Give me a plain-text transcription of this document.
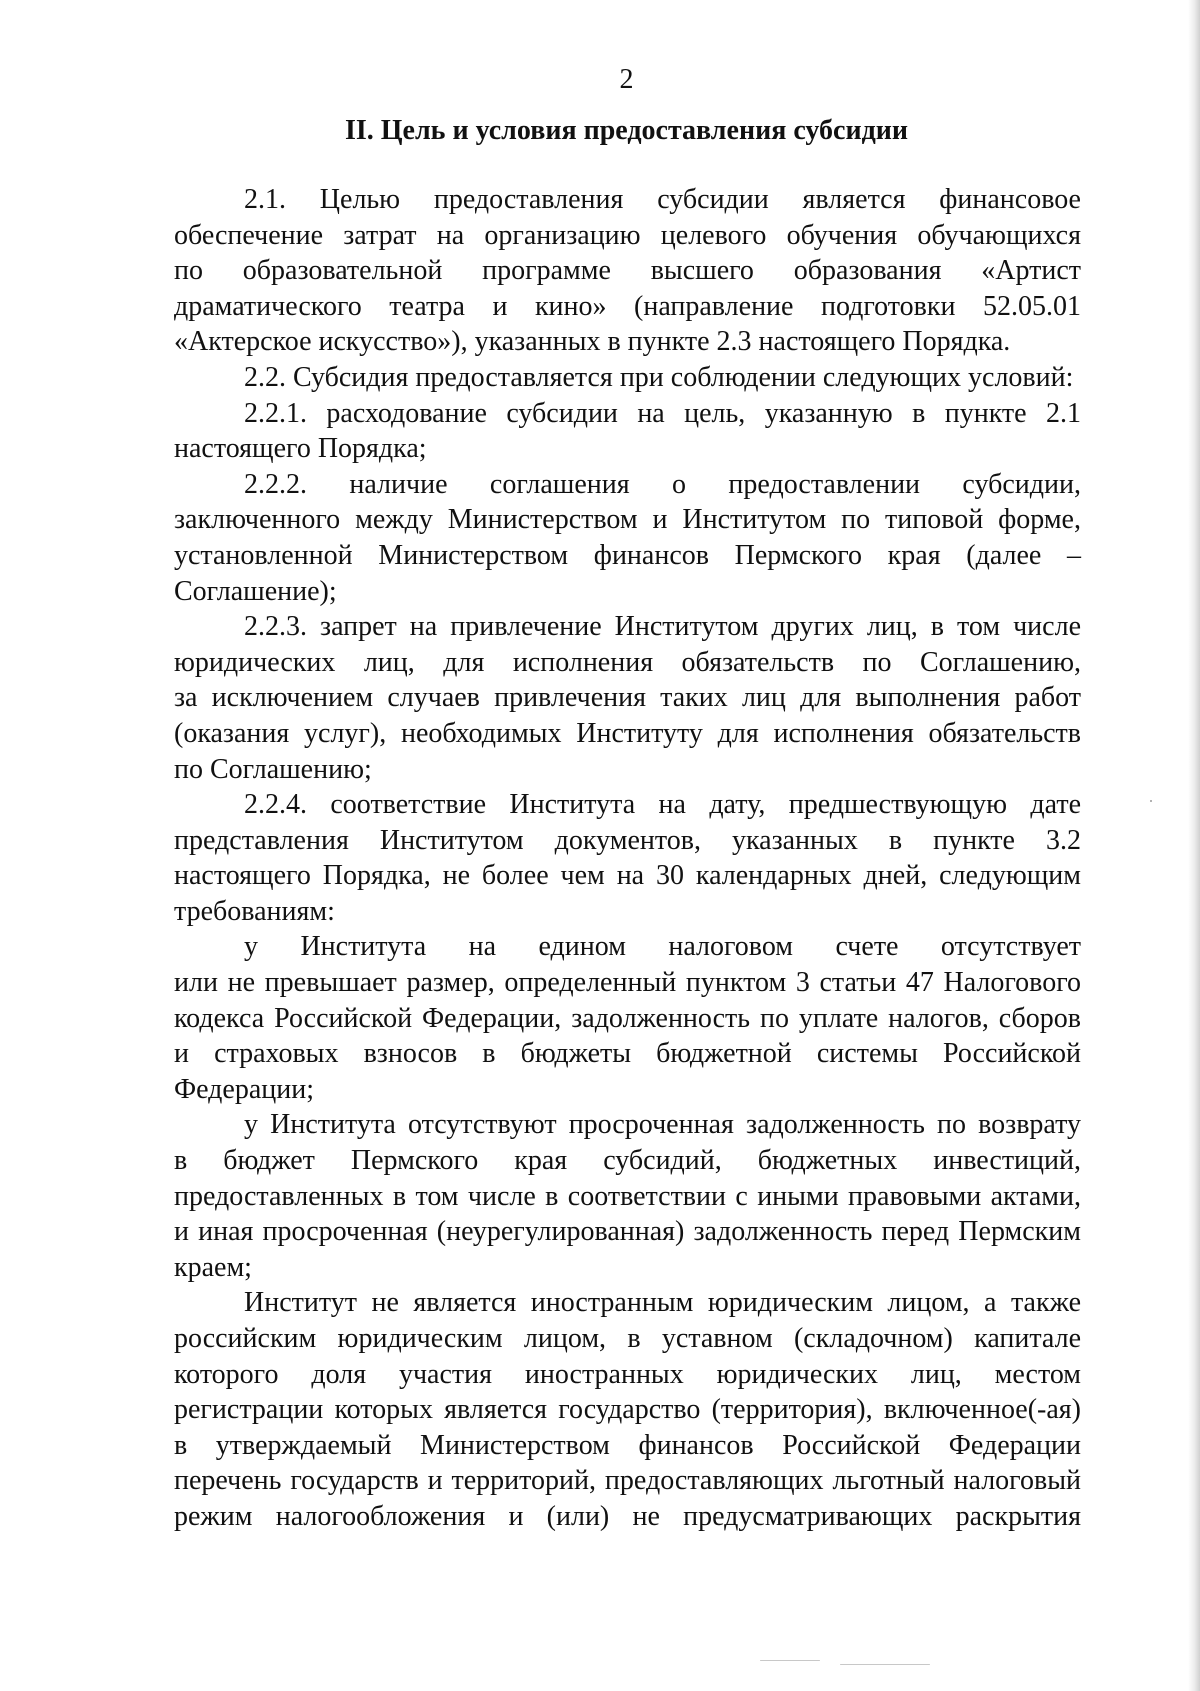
2
II. Цель и условия предоставления субсидии
2.1. Целью предоставления субсидии является финансовое
обеспечение затрат на организацию целевого обучения обучающихся
по образовательной программе высшего образования «Артист
драматического театра и кино» (направление подготовки 52.05.01
«Актерское искусство»), указанных в пункте 2.3 настоящего Порядка.
2.2. Субсидия предоставляется при соблюдении следующих условий:
2.2.1. расходование субсидии на цель, указанную в пункте 2.1
настоящего Порядка;
2.2.2. наличие соглашения о предоставлении субсидии,
заключенного между Министерством и Институтом по типовой форме,
установленной Министерством финансов Пермского края (далее –
Соглашение);
2.2.3. запрет на привлечение Институтом других лиц, в том числе
юридических лиц, для исполнения обязательств по Соглашению,
за исключением случаев привлечения таких лиц для выполнения работ
(оказания услуг), необходимых Институту для исполнения обязательств
по Соглашению;
2.2.4. соответствие Института на дату, предшествующую дате
представления Институтом документов, указанных в пункте 3.2
настоящего Порядка, не более чем на 30 календарных дней, следующим
требованиям:
у Института на едином налоговом счете отсутствует
или не превышает размер, определенный пунктом 3 статьи 47 Налогового
кодекса Российской Федерации, задолженность по уплате налогов, сборов
и страховых взносов в бюджеты бюджетной системы Российской
Федерации;
у Института отсутствуют просроченная задолженность по возврату
в бюджет Пермского края субсидий, бюджетных инвестиций,
предоставленных в том числе в соответствии с иными правовыми актами,
и иная просроченная (неурегулированная) задолженность перед Пермским
краем;
Институт не является иностранным юридическим лицом, а также
российским юридическим лицом, в уставном (складочном) капитале
которого доля участия иностранных юридических лиц, местом
регистрации которых является государство (территория), включенное(-ая)
в утверждаемый Министерством финансов Российской Федерации
перечень государств и территорий, предоставляющих льготный налоговый
режим налогообложения и (или) не предусматривающих раскрытия
